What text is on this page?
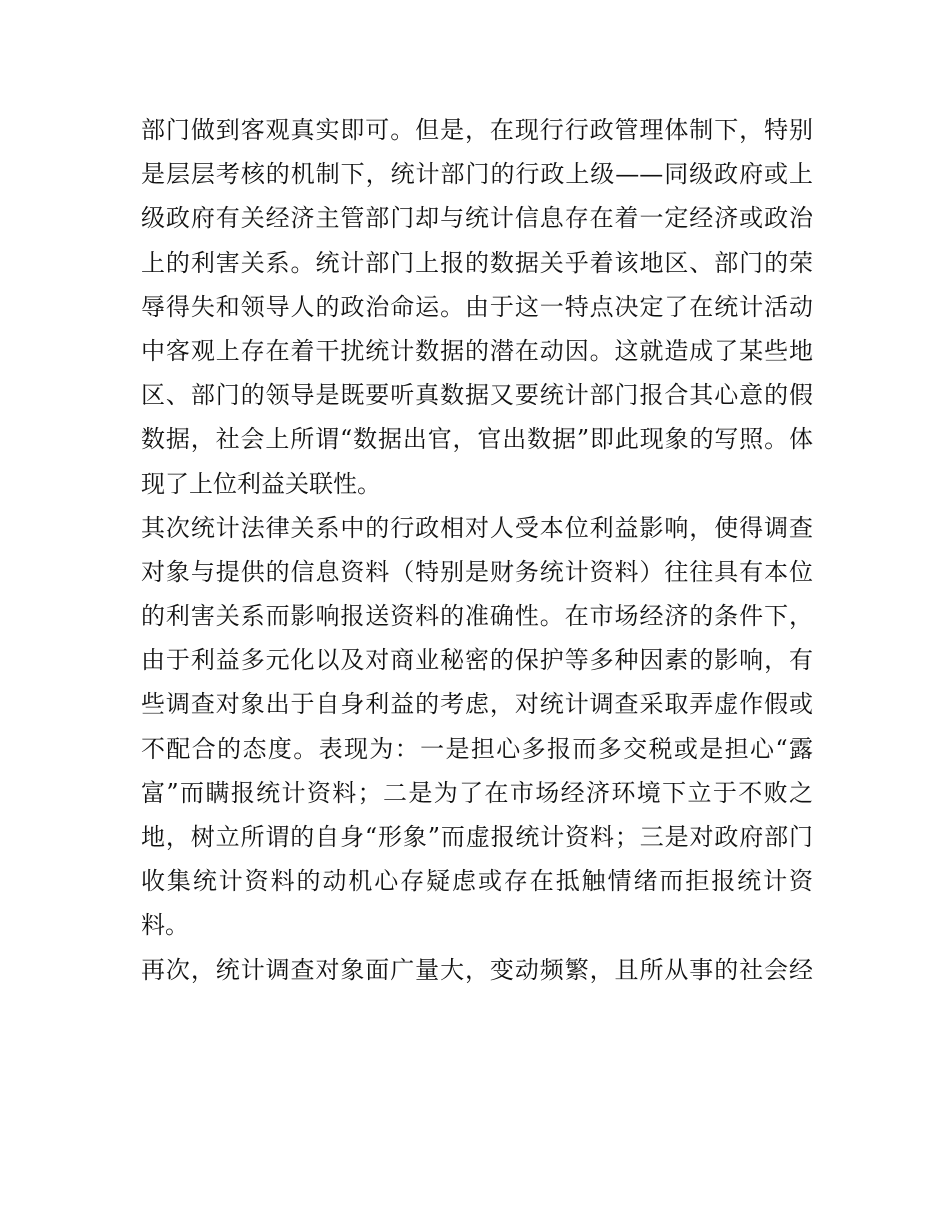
部门做到客观真实即可。但是，在现行行政管理体制下，特别
是层层考核的机制下，统计部门的行政上级——同级政府或上
级政府有关经济主管部门却与统计信息存在着一定经济或政治
上的利害关系。统计部门上报的数据关乎着该地区、部门的荣
辱得失和领导人的政治命运。由于这一特点决定了在统计活动
中客观上存在着干扰统计数据的潜在动因。这就造成了某些地
区、部门的领导是既要听真数据又要统计部门报合其心意的假
数据，社会上所谓“数据出官，官出数据”即此现象的写照。体
现了上位利益关联性。
其次统计法律关系中的行政相对人受本位利益影响，使得调查
对象与提供的信息资料（特别是财务统计资料）往往具有本位
的利害关系而影响报送资料的准确性。在市场经济的条件下，
由于利益多元化以及对商业秘密的保护等多种因素的影响，有
些调查对象出于自身利益的考虑，对统计调查采取弄虚作假或
不配合的态度。表现为：一是担心多报而多交税或是担心“露
富”而瞒报统计资料；二是为了在市场经济环境下立于不败之
地，树立所谓的自身“形象”而虚报统计资料；三是对政府部门
收集统计资料的动机心存疑虑或存在抵触情绪而拒报统计资
料。
再次，统计调查对象面广量大，变动频繁，且所从事的社会经
